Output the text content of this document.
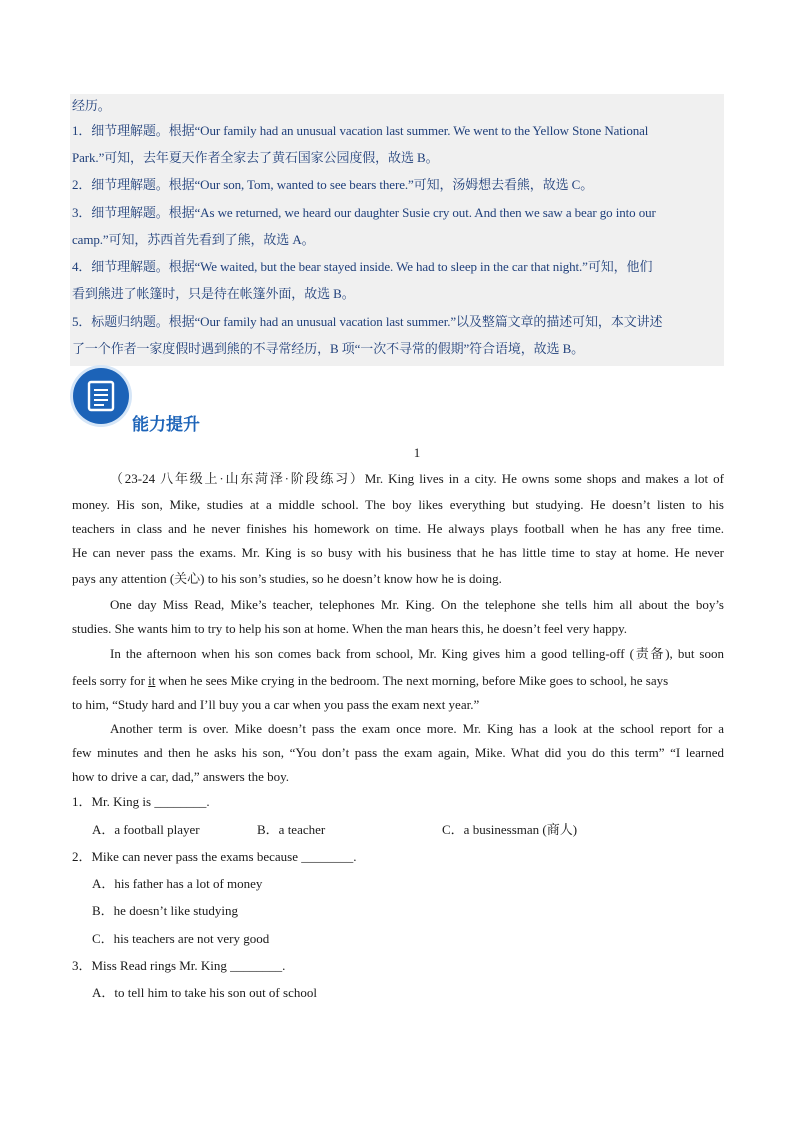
经历。
1．细节理解题。根据“Our family had an unusual vacation last summer. We went to the Yellow Stone National
Park.”可知，去年夏天作者全家去了黄石国家公园度假，故选 B。
2．细节理解题。根据“Our son, Tom, wanted to see bears there.”可知，汤姆想去看熊，故选 C。
3．细节理解题。根据“As we returned, we heard our daughter Susie cry out. And then we saw a bear go into our
camp.”可知，苏西首先看到了熊，故选 A。
4．细节理解题。根据“We waited, but the bear stayed inside. We had to sleep in the car that night.”可知，他们
看到熊进了帐篷时，只是待在帐篷外面，故选 B。
5．标题归纳题。根据“Our family had an unusual vacation last summer.”以及整篇文章的描述可知，本文讲述
了一个作者一家度假时遇到熊的不寻常经历，B 项“一次不寻常的假期”符合语境，故选 B。
能力提升
1
（23-24 八年级上·山东菏泽·阶段练习）Mr. King lives in a city. He owns some shops and makes a lot of
money. His son, Mike, studies at a middle school. The boy likes everything but studying. He doesn’t listen to his
teachers in class and he never finishes his homework on time. He always plays football when he has any free time.
He can never pass the exams. Mr. King is so busy with his business that he has little time to stay at home. He never
pays any attention (关心) to his son’s studies, so he doesn’t know how he is doing.
One day Miss Read, Mike’s teacher, telephones Mr. King. On the telephone she tells him all about the boy’s
studies. She wants him to try to help his son at home. When the man hears this, he doesn’t feel very happy.
In the afternoon when his son comes back from school, Mr. King gives him a good telling-off (责备), but soon
feels sorry for it when he sees Mike crying in the bedroom. The next morning, before Mike goes to school, he says
to him, “Study hard and I’ll buy you a car when you pass the exam next year.”
Another term is over. Mike doesn’t pass the exam once more. Mr. King has a look at the school report for a
few minutes and then he asks his son, “You don’t pass the exam again, Mike. What did you do this term” “I learned
how to drive a car, dad,” answers the boy.
1．Mr. King is ________.
A．a football player	B．a teacher	C．a businessman (商人)
2．Mike can never pass the exams because ________.
A．his father has a lot of money
B．he doesn’t like studying
C．his teachers are not very good
3．Miss Read rings Mr. King ________.
A．to tell him to take his son out of school
